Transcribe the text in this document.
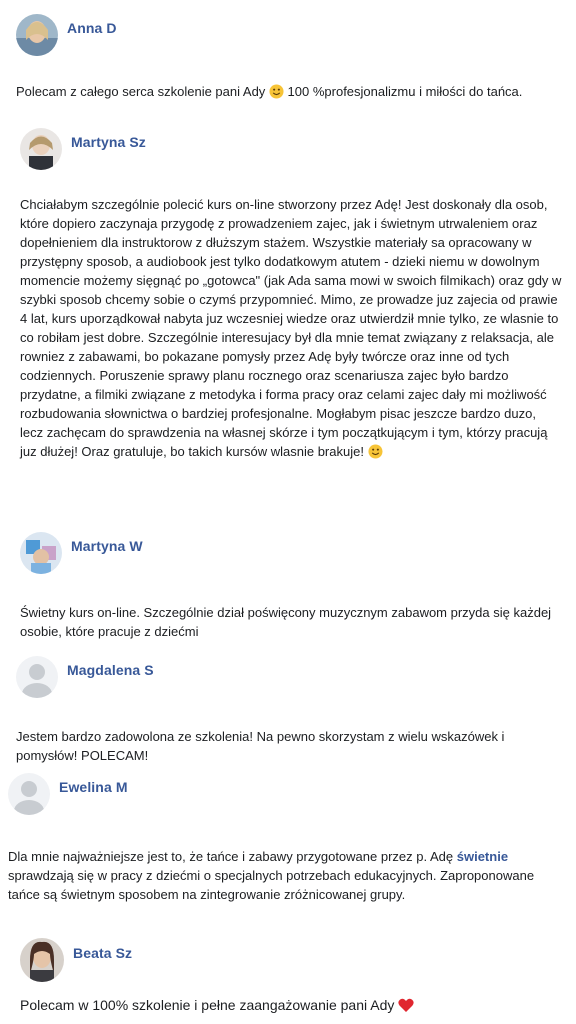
Anna D
Polecam z całego serca szkolenie pani Ady  100 %profesjonalizmu i miłości do tańca.
Martyna Sz
Chciałabym szczególnie polecić kurs on-line stworzony przez Adę! Jest doskonały dla osob, które dopiero zaczynaja przygodę z prowadzeniem zajec, jak i świetnym utrwaleniem oraz dopełnieniem dla instruktorow z dłuższym stażem. Wszystkie materiały sa opracowany w przystępny sposob, a audiobook jest tylko dodatkowym atutem - dzieki niemu w dowolnym momencie możemy sięgnąć po „gotowca" (jak Ada sama mowi w swoich filmikach) oraz gdy w szybki sposob chcemy sobie o czymś przypomnieć. Mimo, ze prowadze juz zajecia od prawie 4 lat, kurs uporządkował nabyta juz wczesniej wiedze oraz utwierdził mnie tylko, ze wlasnie to co robiłam jest dobre. Szczególnie interesujacy był dla mnie temat związany z relaksacja, ale rowniez z zabawami, bo pokazane pomysły przez Adę były twórcze oraz inne od tych codziennych. Poruszenie sprawy planu rocznego oraz scenariusza zajec było bardzo przydatne, a filmiki związane z metodyka i forma pracy oraz celami zajec dały mi możliwość rozbudowania słownictwa o bardziej profesjonalne. Mogłabym pisac jeszcze bardzo duzo, lecz zachęcam do sprawdzenia na własnej skórze i tym początkującym i tym, którzy pracują juz dłużej! Oraz gratuluje, bo takich kursów wlasnie brakuje!
Martyna W
Świetny kurs on-line. Szczególnie dział poświęcony muzycznym zabawom przyda się każdej osobie, które pracuje z dziećmi
Magdalena S
Jestem bardzo zadowolona ze szkolenia! Na pewno skorzystam z wielu wskazówek i pomysłów! POLECAM!
Ewelina M
Dla mnie najważniejsze jest to, że tańce i zabawy przygotowane przez p. Adę świetnie sprawdzają się w pracy z dziećmi o specjalnych potrzebach edukacyjnych. Zaproponowane tańce są świetnym sposobem na zintegrowanie zróżnicowanej grupy.
Beata Sz
Polecam w 100% szkolenie i pełne zaangażowanie pani Ady
